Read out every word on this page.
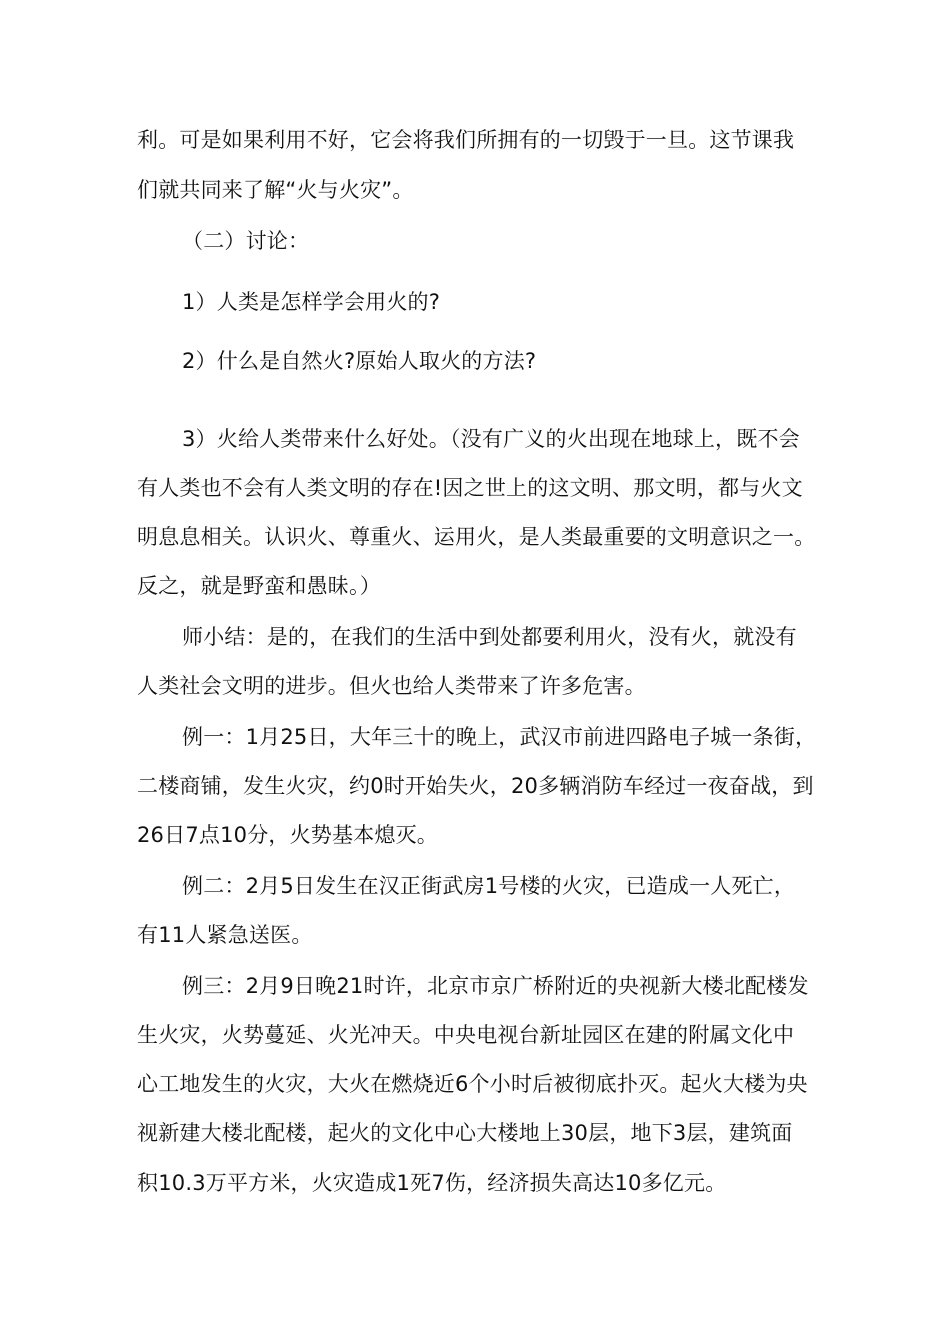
利。可是如果利用不好，它会将我们所拥有的一切毁于一旦。这节课我

们就共同来了解“火与火灾”。

（二）讨论：

1）人类是怎样学会用火的?

2）什么是自然火?原始人取火的方法?

3）火给人类带来什么好处。（没有广义的火出现在地球上，既不会

有人类也不会有人类文明的存在!因之世上的这文明、那文明，都与火文

明息息相关。认识火、尊重火、运用火，是人类最重要的文明意识之一。

反之，就是野蛮和愚昧。）

师小结：是的，在我们的生活中到处都要利用火，没有火，就没有

人类社会文明的进步。但火也给人类带来了许多危害。

例一：1月25日，大年三十的晚上，武汉市前进四路电子城一条街，

二楼商铺，发生火灾，约0时开始失火，20多辆消防车经过一夜奋战，到

26日7点10分，火势基本熄灭。

例二：2月5日发生在汉正街武房1号楼的火灾，已造成一人死亡，

有11人紧急送医。

例三：2月9日晚21时许，北京市京广桥附近的央视新大楼北配楼发

生火灾，火势蔓延、火光冲天。中央电视台新址园区在建的附属文化中

心工地发生的火灾，大火在燃烧近6个小时后被彻底扑灭。起火大楼为央

视新建大楼北配楼，起火的文化中心大楼地上30层，地下3层，建筑面

积10.3万平方米，火灾造成1死7伤，经济损失高达10多亿元。
